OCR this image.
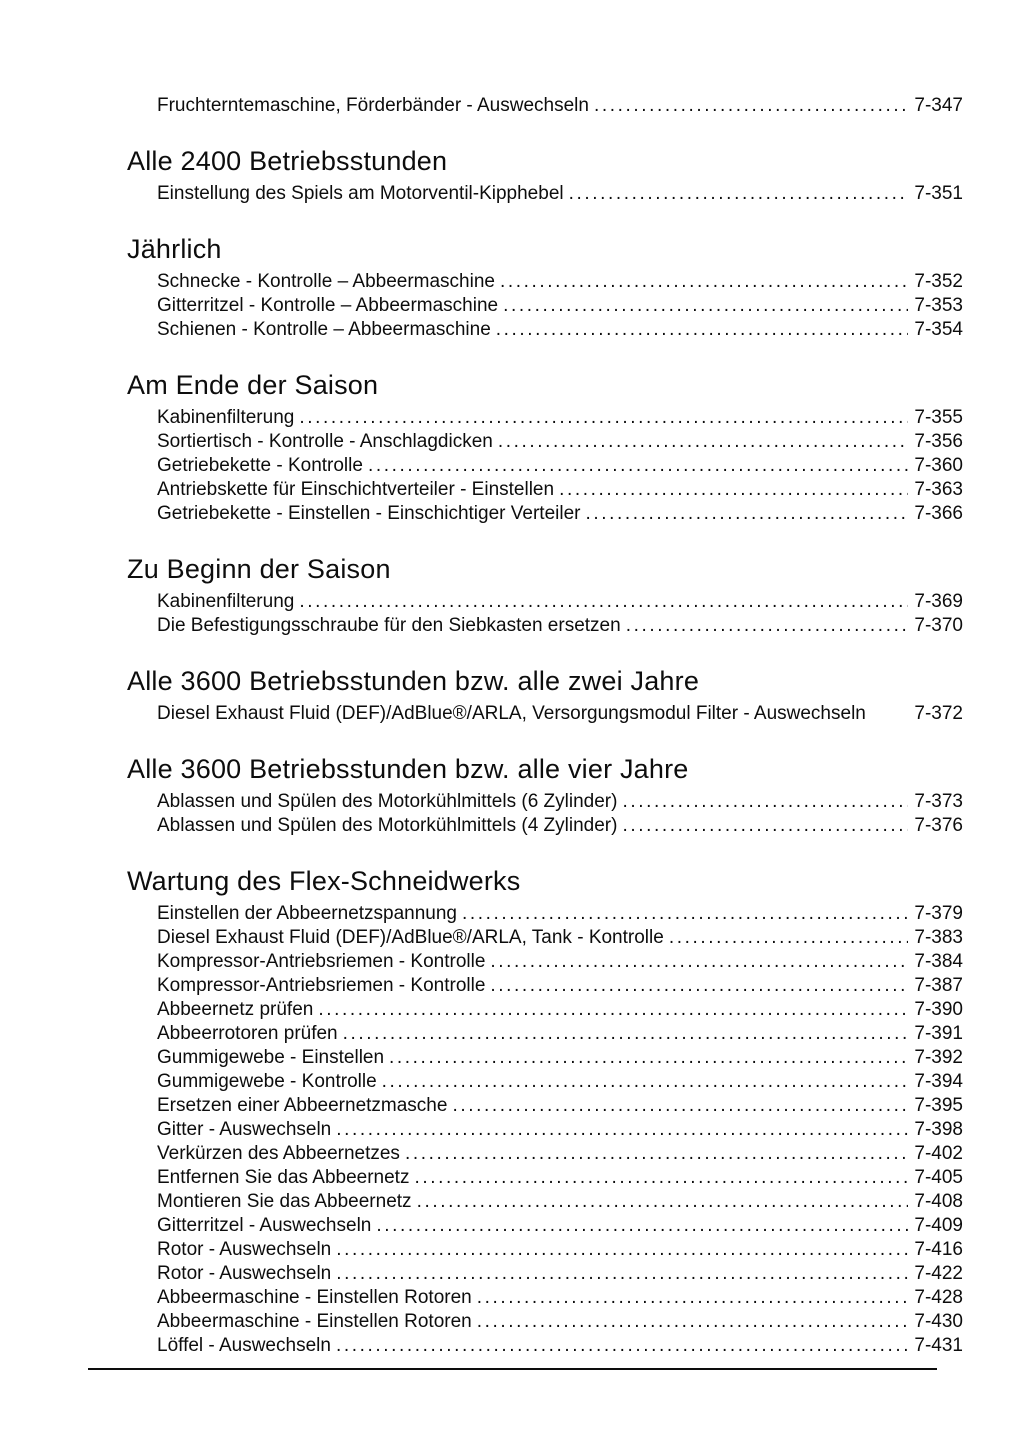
Fruchterntemaschine, Förderbänder - Auswechseln .....	7-347
Alle 2400 Betriebsstunden
Einstellung des Spiels am Motorventil-Kipphebel .....	7-351
Jährlich
Schnecke - Kontrolle – Abbeermaschine .....	7-352
Gitterritzel - Kontrolle – Abbeermaschine .....	7-353
Schienen - Kontrolle – Abbeermaschine .....	7-354
Am Ende der Saison
Kabinenfilterung .....	7-355
Sortiertisch - Kontrolle - Anschlagdicken .....	7-356
Getriebekette - Kontrolle .....	7-360
Antriebskette für Einschichtverteiler - Einstellen .....	7-363
Getriebekette - Einstellen - Einschichtiger Verteiler .....	7-366
Zu Beginn der Saison
Kabinenfilterung .....	7-369
Die Befestigungsschraube für den Siebkasten ersetzen .....	7-370
Alle 3600 Betriebsstunden bzw. alle zwei Jahre
Diesel Exhaust Fluid (DEF)/AdBlue®/ARLA, Versorgungsmodul Filter - Auswechseln	7-372
Alle 3600 Betriebsstunden bzw. alle vier Jahre
Ablassen und Spülen des Motorkühlmittels (6 Zylinder) .....	7-373
Ablassen und Spülen des Motorkühlmittels (4 Zylinder) .....	7-376
Wartung des Flex-Schneidwerks
Einstellen der Abbeernetzspannung .....	7-379
Diesel Exhaust Fluid (DEF)/AdBlue®/ARLA, Tank - Kontrolle .....	7-383
Kompressor-Antriebsriemen - Kontrolle .....	7-384
Kompressor-Antriebsriemen - Kontrolle .....	7-387
Abbeernetz prüfen .....	7-390
Abbeerrotoren prüfen .....	7-391
Gummigewebe - Einstellen .....	7-392
Gummigewebe - Kontrolle .....	7-394
Ersetzen einer Abbeernetzmasche .....	7-395
Gitter - Auswechseln .....	7-398
Verkürzen des Abbeernetzes .....	7-402
Entfernen Sie das Abbeernetz .....	7-405
Montieren Sie das Abbeernetz .....	7-408
Gitterritzel - Auswechseln .....	7-409
Rotor - Auswechseln .....	7-416
Rotor - Auswechseln .....	7-422
Abbeermaschine - Einstellen Rotoren .....	7-428
Abbeermaschine - Einstellen Rotoren .....	7-430
Löffel - Auswechseln .....	7-431
